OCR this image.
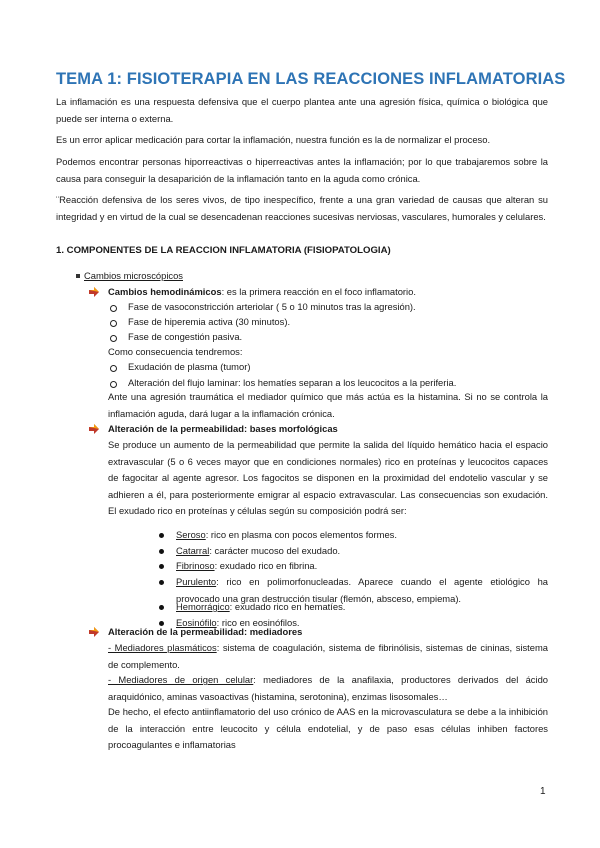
TEMA 1: FISIOTERAPIA EN LAS REACCIONES INFLAMATORIAS
La inflamación es una respuesta defensiva que el cuerpo plantea ante una agresión física, química o biológica que puede ser interna o externa.
Es un error aplicar medicación para cortar la inflamación, nuestra función es la de normalizar el proceso.
Podemos encontrar personas hiporreactivas o hiperreactivas antes la inflamación; por lo que trabajaremos sobre la causa para conseguir la desaparición de la inflamación tanto en la aguda como crónica.
¨Reacción defensiva de los seres vivos, de tipo inespecífico, frente a una gran variedad de causas que alteran su integridad y en virtud de la cual se desencadenan reacciones sucesivas nerviosas, vasculares, humorales y celulares.
1. COMPONENTES DE LA REACCION INFLAMATORIA (FISIOPATOLOGIA)
Cambios microscópicos
Cambios hemodinámicos: es la primera reacción en el foco inflamatorio.
Fase de vasoconstricción arteriolar ( 5 o 10 minutos tras la agresión).
Fase de hiperemia activa (30 minutos).
Fase de congestión pasiva.
Como consecuencia tendremos:
Exudación de plasma (tumor)
Alteración del flujo laminar: los hematíes separan a los leucocitos a la periferia.
Ante una agresión traumática el mediador químico que más actúa es la histamina. Si no se controla la inflamación aguda, dará lugar a la inflamación crónica.
Alteración de la permeabilidad: bases morfológicas
Se produce un aumento de la permeabilidad que permite la salida del líquido hemático hacia el espacio extravascular (5 o 6 veces mayor que en condiciones normales) rico en proteínas y leucocitos capaces de fagocitar al agente agresor. Los fagocitos se disponen en la proximidad del endotelio vascular y se adhieren a él, para posteriormente emigrar al espacio extravascular. Las consecuencias son exudación. El exudado rico en proteínas y células según su composición podrá ser:
Seroso: rico en plasma con pocos elementos formes.
Catarral: carácter mucoso del exudado.
Fibrinoso: exudado rico en fibrina.
Purulento: rico en polimorfonucleadas. Aparece cuando el agente etiológico ha provocado una gran destrucción tisular (flemón, absceso, empiema).
Hemorrágico: exudado rico en hematíes.
Eosinófilo: rico en eosinófilos.
Alteración de la permeabilidad: mediadores
- Mediadores plasmáticos: sistema de coagulación, sistema de fibrinólisis, sistemas de cininas, sistema de complemento.
- Mediadores de origen celular: mediadores de la anafilaxia, productores derivados del ácido araquidónico, aminas vasoactivas (histamina, serotonina), enzimas lisosomales…
De hecho, el efecto antiinflamatorio del uso crónico de AAS en la microvasculatura se debe a la inhibición de la interacción entre leucocito y célula endotelial, y de paso esas células inhiben factores procoagulantes e inflamatorias
1
